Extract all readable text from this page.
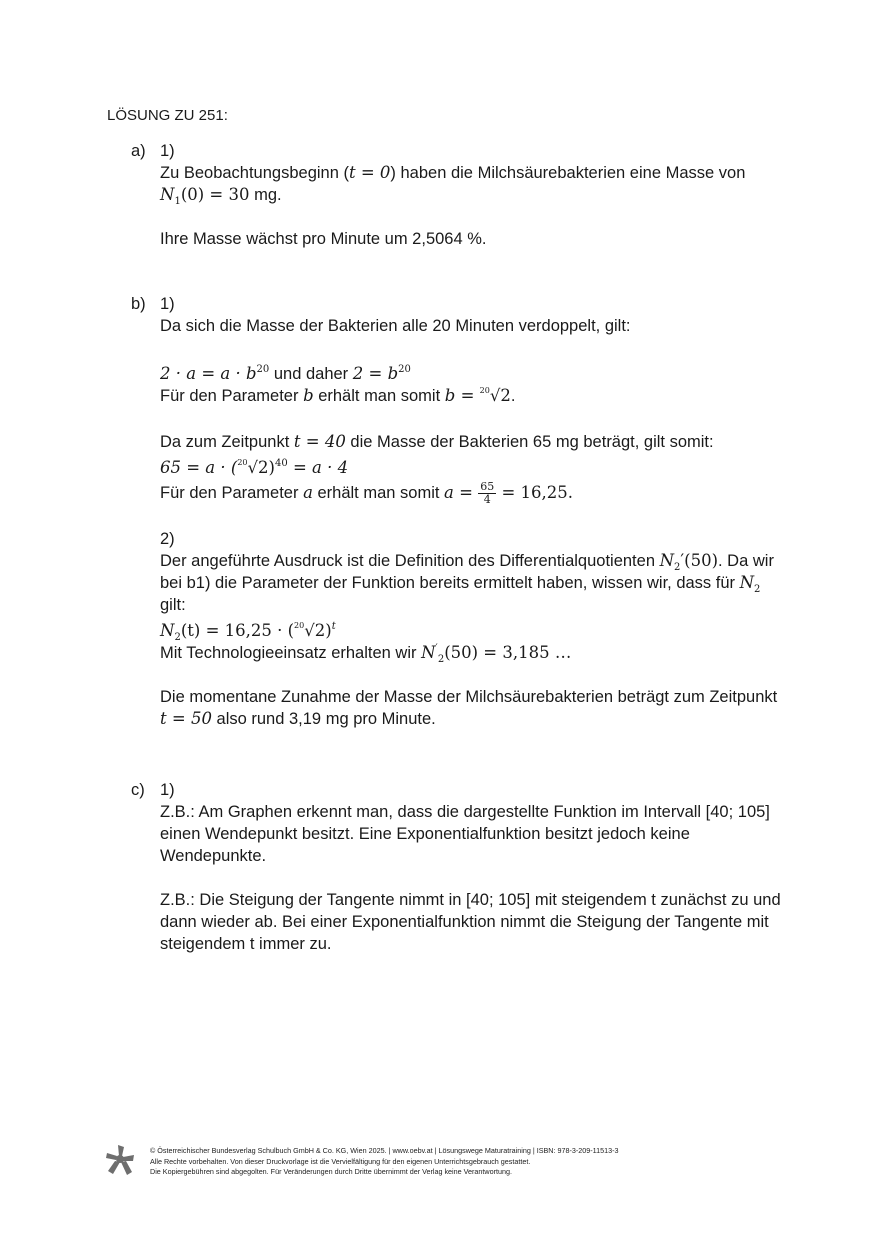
LÖSUNG ZU 251:
a) 1)
Zu Beobachtungsbeginn (t = 0) haben die Milchsäurebakterien eine Masse von
$N_1(0) = 30$ mg.
Ihre Masse wächst pro Minute um 2,5064 %.
b) 1)
Da sich die Masse der Bakterien alle 20 Minuten verdoppelt, gilt:
$2 \cdot a = a \cdot b^{20}$ und daher $2 = b^{20}$
Für den Parameter b erhält man somit b = $^{20}$√2.
Da zum Zeitpunkt t = 40 die Masse der Bakterien 65 mg beträgt, gilt somit:
$65 = a \cdot (^{20}√2)^{40} = a \cdot 4$
Für den Parameter a erhält man somit $a = \frac{65}{4} = 16,25$.
2)
Der angeführte Ausdruck ist die Definition des Differentialquotienten $N_2'(50)$. Da wir
bei b1) die Parameter der Funktion bereits ermittelt haben, wissen wir, dass für $N_2$
gilt:
$N_2(t) = 16,25 \cdot (^{20}√2)^t$
Mit Technologieeinsatz erhalten wir $N'_2(50) = 3,185$ …
Die momentane Zunahme der Masse der Milchsäurebakterien beträgt zum Zeitpunkt
t = 50 also rund 3,19 mg pro Minute.
c) 1)
Z.B.: Am Graphen erkennt man, dass die dargestellte Funktion im Intervall [40; 105]
einen Wendepunkt besitzt. Eine Exponentialfunktion besitzt jedoch keine
Wendepunkte.
Z.B.: Die Steigung der Tangente nimmt in [40; 105] mit steigendem t zunächst zu und
dann wieder ab. Bei einer Exponentialfunktion nimmt die Steigung der Tangente mit
steigendem t immer zu.
© Österreichischer Bundesverlag Schulbuch GmbH & Co. KG, Wien 2025. | www.oebv.at | Lösungswege Maturatraining | ISBN: 978-3-209-11513-3
Alle Rechte vorbehalten. Von dieser Druckvorlage ist die Vervielfältigung für den eigenen Unterrichtsgebrauch gestattet.
Die Kopiergebühren sind abgegolten. Für Veränderungen durch Dritte übernimmt der Verlag keine Verantwortung.
